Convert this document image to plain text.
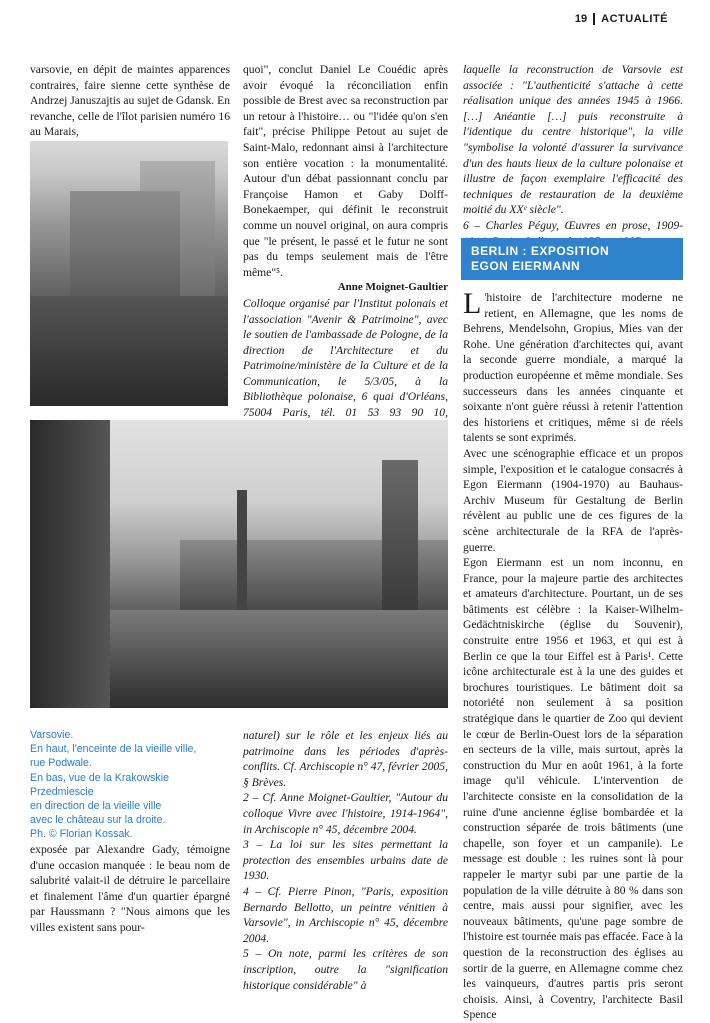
19	ACTUALITÉ

varsovie, en dépit de maintes apparences contraires, faire sienne cette synthèse de Andrzej Januszajtis au sujet de Gdansk. En revanche, celle de l'îlot parisien numéro 16 au Marais,

quoi", conclut Daniel Le Couédic après avoir évoqué la réconciliation enfin possible de Brest avec sa reconstruction par un retour à l'histoire… ou "l'idée qu'on s'en fait", précise Philippe Petout au sujet de Saint-Malo, redonnant ainsi à l'architecture son entière vocation : la monumentalité. Autour d'un débat passionnant conclu par Françoise Hamon et Gaby Dolff-Bonekaemper, qui définit le reconstruit comme un nouvel original, on aura compris que "le présent, le passé et le futur ne sont pas du temps seulement mais de l'être même"⁵.

Anne Moignet-Gaultier

Colloque organisé par l'Institut polonais et l'association "Avenir & Patrimoine", avec le soutien de l'ambassade de Pologne, de la direction de l'Architecture et du Patrimoine/ministère de la Culture et de la Communication, le 5/3/05, à la Bibliothèque polonaise, 6 quai d'Orléans, 75004 Paris, tél. 01 53 93 90 10,

laquelle la reconstruction de Varsovie est associée : "L'authenticité s'attache à cette réalisation unique des années 1945 à 1966. […] Anéantie […] puis reconstruite à l'identique du centre historique", la ville "symbolise la volonté d'assurer la survivance d'un des hauts lieux de la culture polonaise et illustre de façon exemplaire l'efficacité des techniques de restauration de la deuxième moitié du XXᵉ siècle".

6 – Charles Péguy, Œuvres en prose, 1909-

BERLIN : EXPOSITION
EGON EIERMANN

L 'histoire de l'architecture moderne ne retient, en Allemagne, que les noms de Behrens, Mendelsohn, Gropius, Mies van der Rohe. Une génération d'architectes qui, avant la seconde guerre mondiale, a marqué la production européenne et même mondiale. Ses successeurs dans les années cinquante et soixante n'ont guère réussi à retenir l'attention des historiens et critiques, même si de réels talents se sont exprimés.

Avec une scénographie efficace et un propos simple, l'exposition et le catalogue consacrés à Egon Eiermann (1904-1970) au Bauhaus-Archiv Museum für Gestaltung de Berlin révèlent au public une de ces figures de la scène architecturale de la RFA de l'après-guerre.

Egon Eiermann est un nom inconnu, en France, pour la majeure partie des architectes et amateurs d'architecture. Pourtant, un de ses bâtiments est célèbre : la Kaiser-Wilhelm-Gedächtniskirche (église du Souvenir), construite entre 1956 et 1963, et qui est à Berlin ce que la tour Eiffel est à Paris¹. Cette icône architecturale est à la une des guides et brochures touristiques. Le bâtiment doit sa notoriété non seulement à sa position stratégique dans le quartier de Zoo qui devient le cœur de Berlin-Ouest lors de la séparation en secteurs de la ville, mais surtout, après la construction du Mur en août 1961, à la forte image qu'il véhicule. L'intervention de l'architecte consiste en la consolidation de la ruine d'une ancienne église bombardée et la construction séparée de trois bâtiments (une chapelle, son foyer et un campanile). Le message est double : les ruines sont là pour rappeler le martyr subi par une partie de la population de la ville détruite à 80 % dans son centre, mais aussi pour signifier, avec les nouveaux bâtiments, qu'une page sombre de l'histoire est tournée mais pas effacée. Face à la question de la reconstruction des églises au sortir de la guerre, en Allemagne comme chez les vainqueurs, d'autres partis pris seront choisis. Ainsi, à Coventry, l'architecte Basil Spence

Varsovie.

En haut, l'enceinte de la vieille ville,

rue Podwale.

En bas, vue de la Krakowskie Przedmiescie

en direction de la vieille ville

avec le château sur la droite.

Ph. © Florian Kossak.

exposée par Alexandre Gady, témoigne d'une occasion manquée : le beau nom de salubrité valait-il de détruire le parcellaire et finalement l'âme d'un quartier épargné par Haussmann ? "Nous aimons que les villes existent sans pour-

naturel) sur le rôle et les enjeux liés au patrimoine dans les périodes d'après-conflits. Cf. Archiscopie n° 47, février 2005, § Brèves.

2 – Cf. Anne Moignet-Gaultier, "Autour du colloque Vivre avec l'histoire, 1914-1964", in Archiscopie n° 45, décembre 2004.

3 – La loi sur les sites permettant la protection des ensembles urbains date de 1930.

4 – Cf. Pierre Pinon, "Paris, exposition Bernardo Bellotto, un peintre vénitien à Varsovie", in Archiscopie n° 45, décembre 2004.

5 – On note, parmi les critères de son inscription, outre la "signification historique considérable" à
